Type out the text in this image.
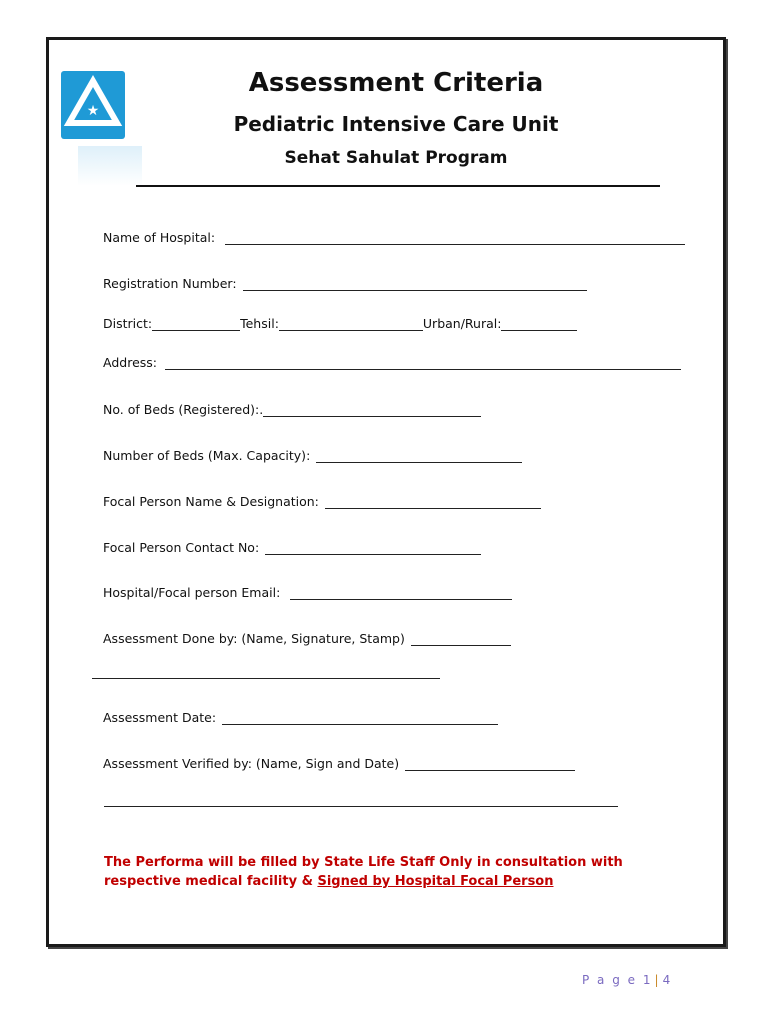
★
Assessment Criteria
Pediatric Intensive Care Unit
Sehat Sahulat Program
Name of Hospital:
Registration Number:
District:	Tehsil:	Urban/Rural:
Address:
No. of Beds (Registered):.
Number of Beds (Max. Capacity):
Focal Person Name & Designation:
Focal Person Contact No:
Hospital/Focal person Email:
Assessment Done by: (Name, Signature, Stamp)
Assessment Date:
Assessment Verified by: (Name, Sign and Date)
The Performa will be filled by State Life Staff Only in consultation with respective medical facility & Signed by Hospital Focal Person
P a g e 1 | 4
